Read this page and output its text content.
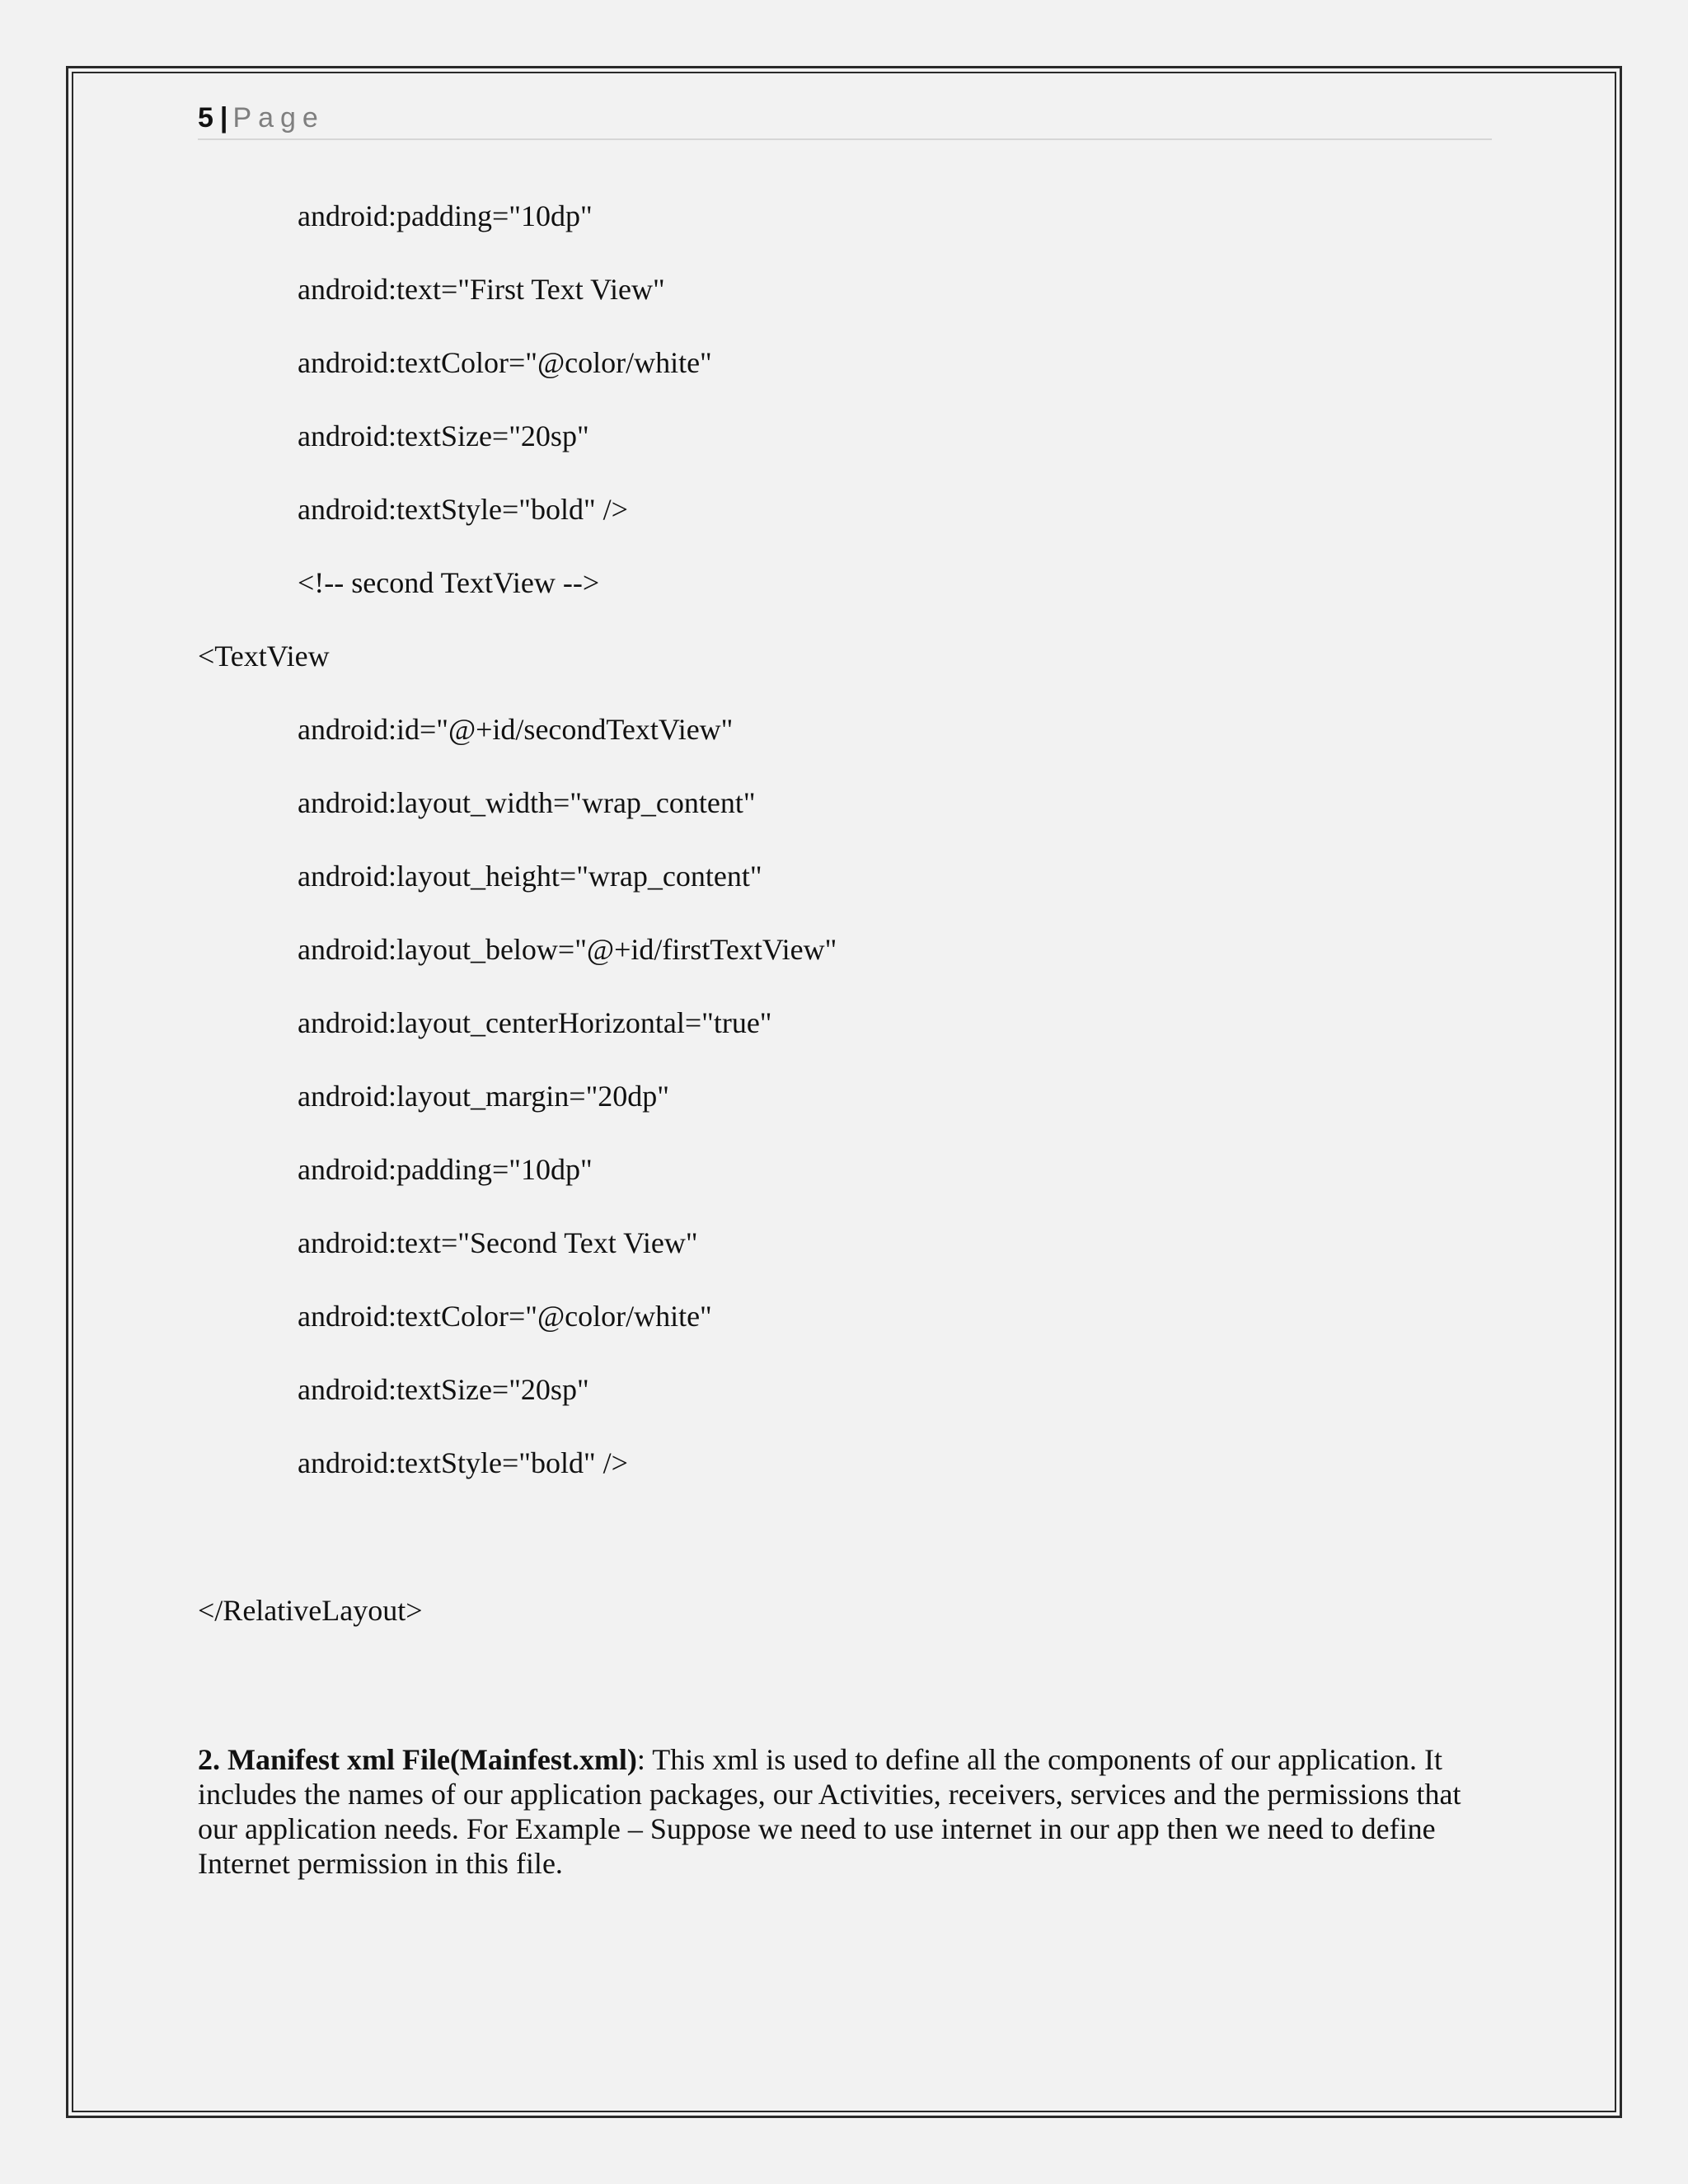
5 | Page
android:padding="10dp"
android:text="First Text View"
android:textColor="@color/white"
android:textSize="20sp"
android:textStyle="bold" />
<!-- second TextView -->
<TextView
android:id="@+id/secondTextView"
android:layout_width="wrap_content"
android:layout_height="wrap_content"
android:layout_below="@+id/firstTextView"
android:layout_centerHorizontal="true"
android:layout_margin="20dp"
android:padding="10dp"
android:text="Second Text View"
android:textColor="@color/white"
android:textSize="20sp"
android:textStyle="bold" />
</RelativeLayout>
2. Manifest xml File(Mainfest.xml): This xml is used to define all the components of our application. It includes the names of our application packages, our Activities, receivers, services and the permissions that our application needs. For Example – Suppose we need to use internet in our app then we need to define Internet permission in this file.
